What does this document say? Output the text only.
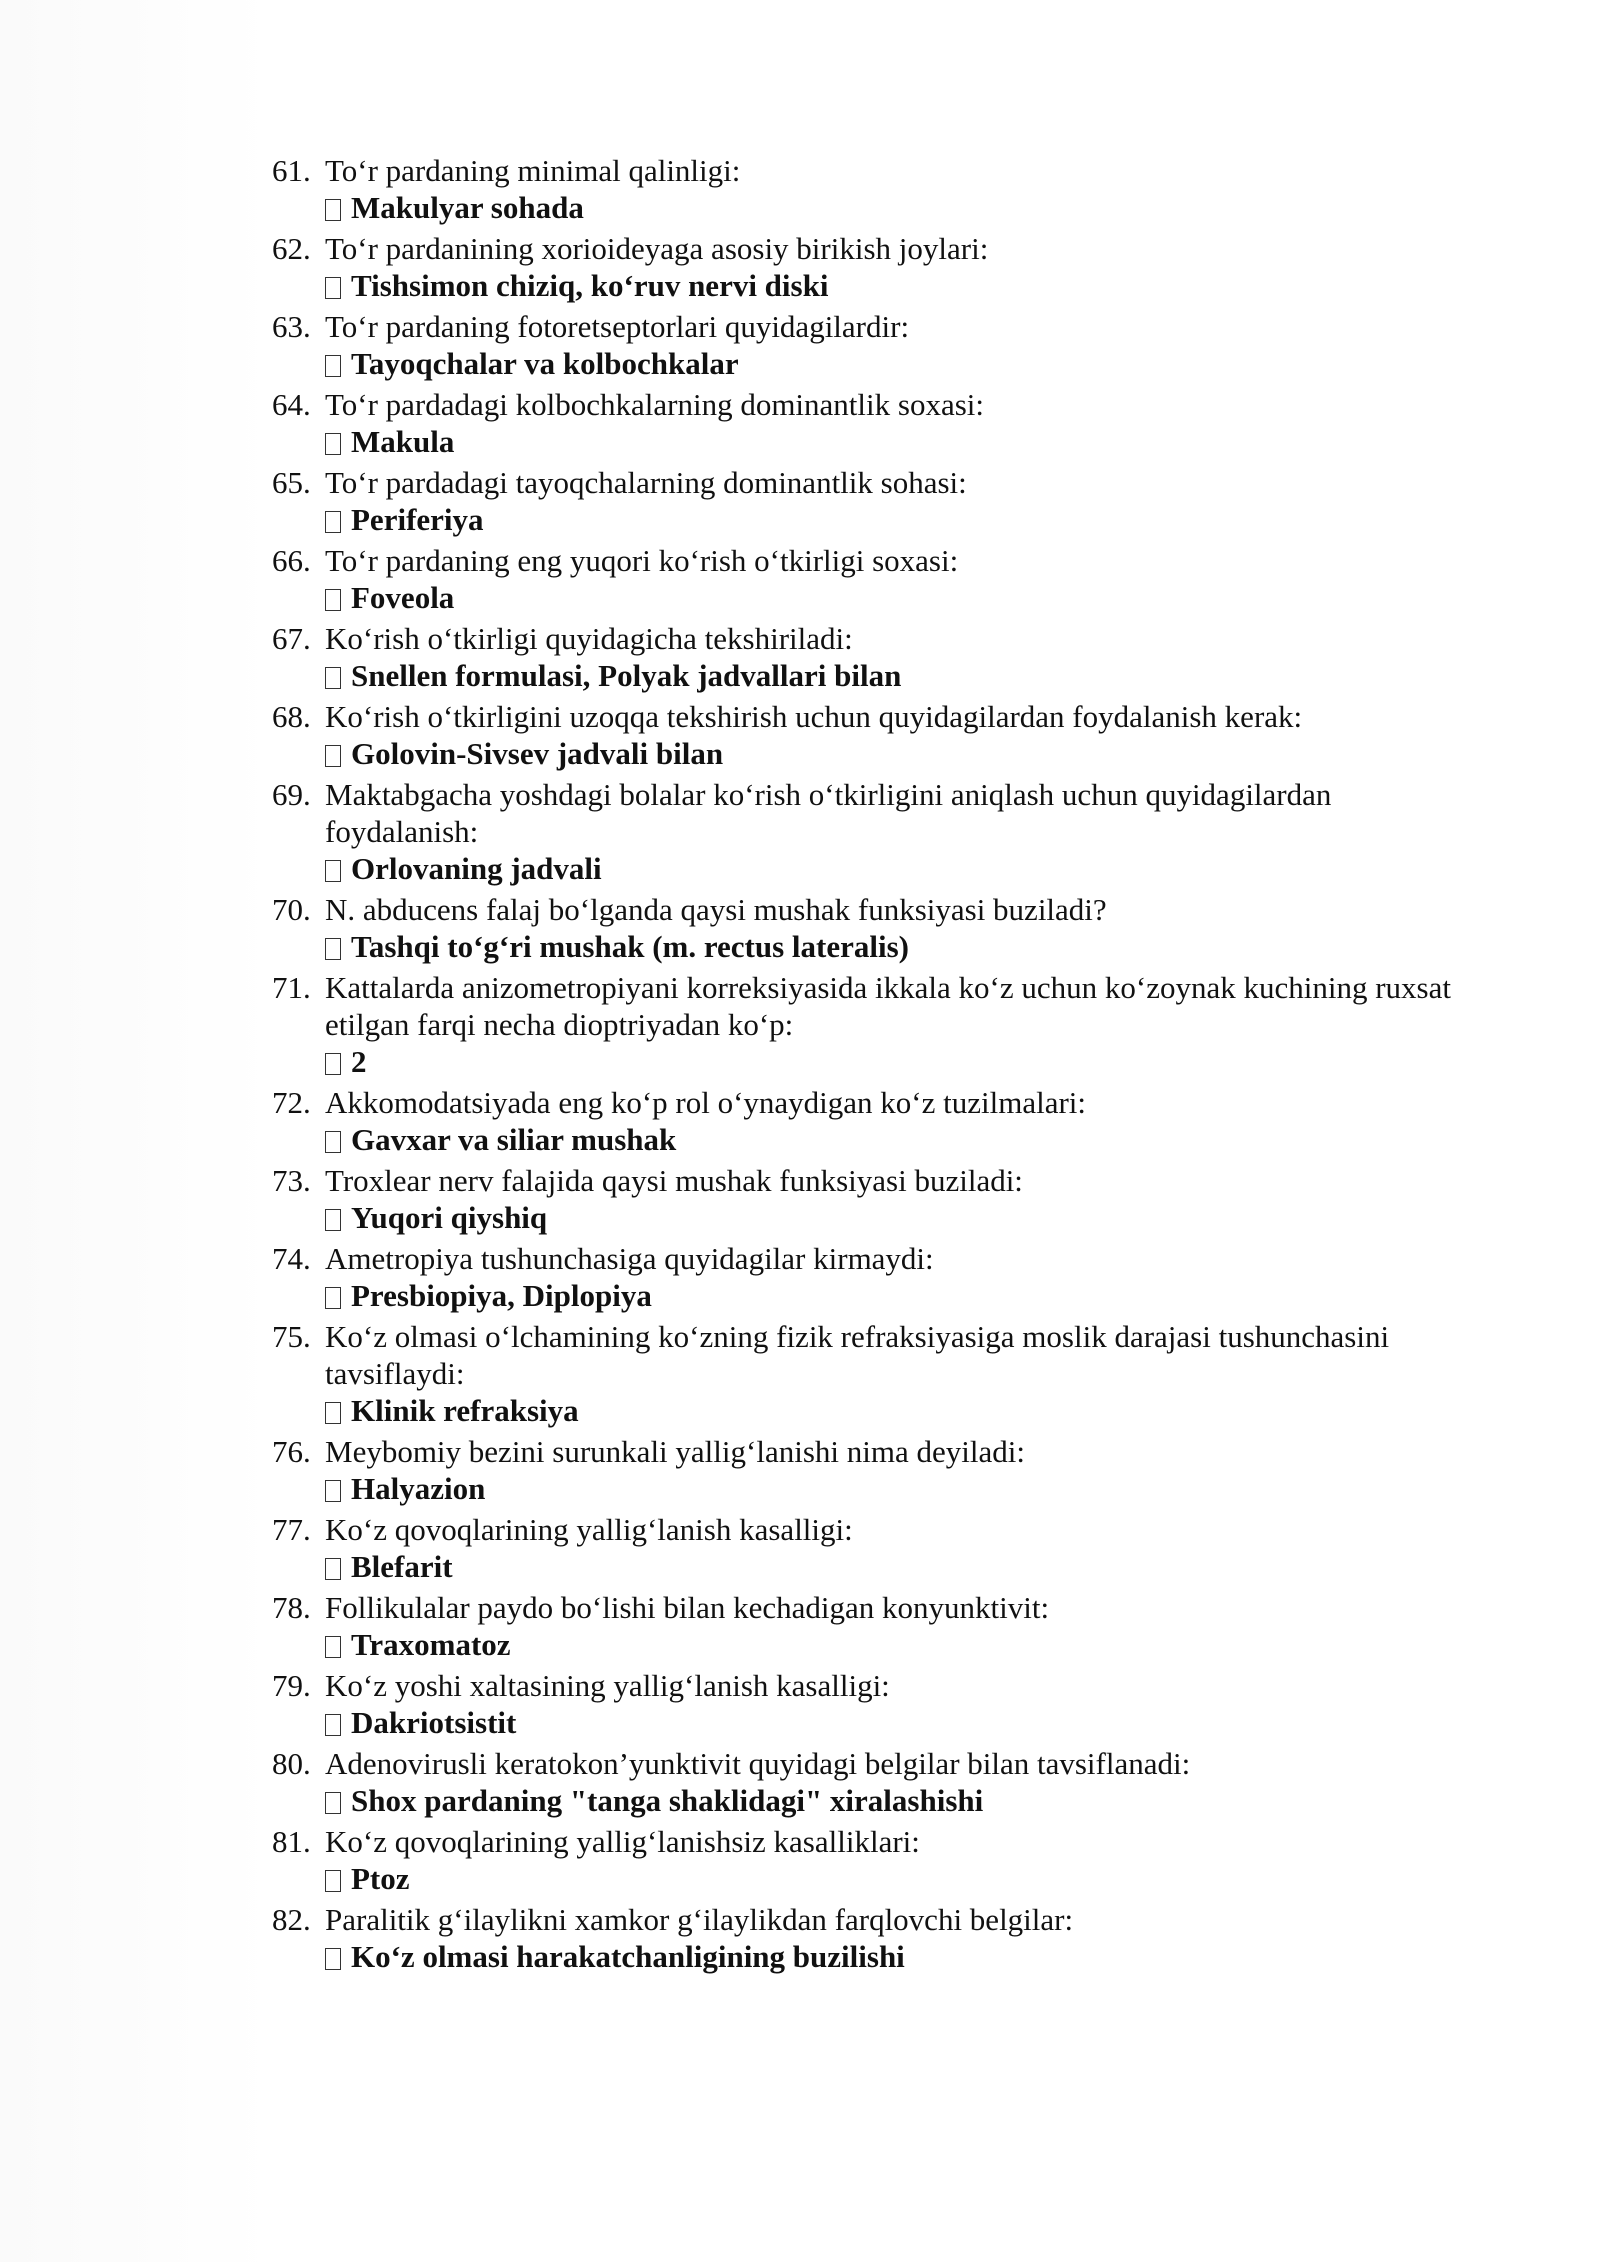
61. To‘r pardaning minimal qalinligi:
Makulyar sohada
62. To‘r pardanining xorioideyaga asosiy birikish joylari:
Tishsimon chiziq, ko‘ruv nervi diski
63. To‘r pardaning fotoretseptorlari quyidagilardir:
Tayoqchalar va kolbochkalar
64. To‘r pardadagi kolbochkalarning dominantlik soxasi:
Makula
65. To‘r pardadagi tayoqchalarning dominantlik sohasi:
Periferiya
66. To‘r pardaning eng yuqori ko‘rish o‘tkirligi soxasi:
Foveola
67. Ko‘rish o‘tkirligi quyidagicha tekshiriladi:
Snellen formulasi, Polyak jadvallari bilan
68. Ko‘rish o‘tkirligini uzoqqa tekshirish uchun quyidagilardan foydalanish kerak:
Golovin-Sivsev jadvali bilan
69. Maktabgacha yoshdagi bolalar ko‘rish o‘tkirligini aniqlash uchun quyidagilardan foydalanish:
Orlovaning jadvali
70. N. abducens falaj bo‘lganda qaysi mushak funksiyasi buziladi?
Tashqi to‘g‘ri mushak (m. rectus lateralis)
71. Kattalarda anizometropiyani korreksiyasida ikkala ko‘z uchun ko‘zoynak kuchining ruxsat etilgan farqi necha dioptriyadan ko‘p:
2
72. Akkomodatsiyada eng ko‘p rol o‘ynaydigan ko‘z tuzilmalari:
Gavxar va siliar mushak
73. Troxlear nerv falajida qaysi mushak funksiyasi buziladi:
Yuqori qiyshiq
74. Ametropiya tushunchasiga quyidagilar kirmaydi:
Presbiopiya, Diplopiya
75. Ko‘z olmasi o‘lchamining ko‘zning fizik refraksiyasiga moslik darajasi tushunchasini tavsiflaydi:
Klinik refraksiya
76. Meybomiy bezini surunkali yallig‘lanishi nima deyiladi:
Halyazion
77. Ko‘z qovoqlarining yallig‘lanish kasalligi:
Blefarit
78. Follikulalar paydo bo‘lishi bilan kechadigan konyunktivit:
Traxomatoz
79. Ko‘z yoshi xaltasining yallig‘lanish kasalligi:
Dakriotsistit
80. Adenovirusli keratokon’yunktivit quyidagi belgilar bilan tavsiflanadi:
Shox pardaning "tanga shaklidagi" xiralashishi
81. Ko‘z qovoqlarining yallig‘lanishsiz kasalliklari:
Ptoz
82. Paralitik g‘ilaylikni xamkor g‘ilaylikdan farqlovchi belgilar:
Ko‘z olmasi harakatchanligining buzilishi
